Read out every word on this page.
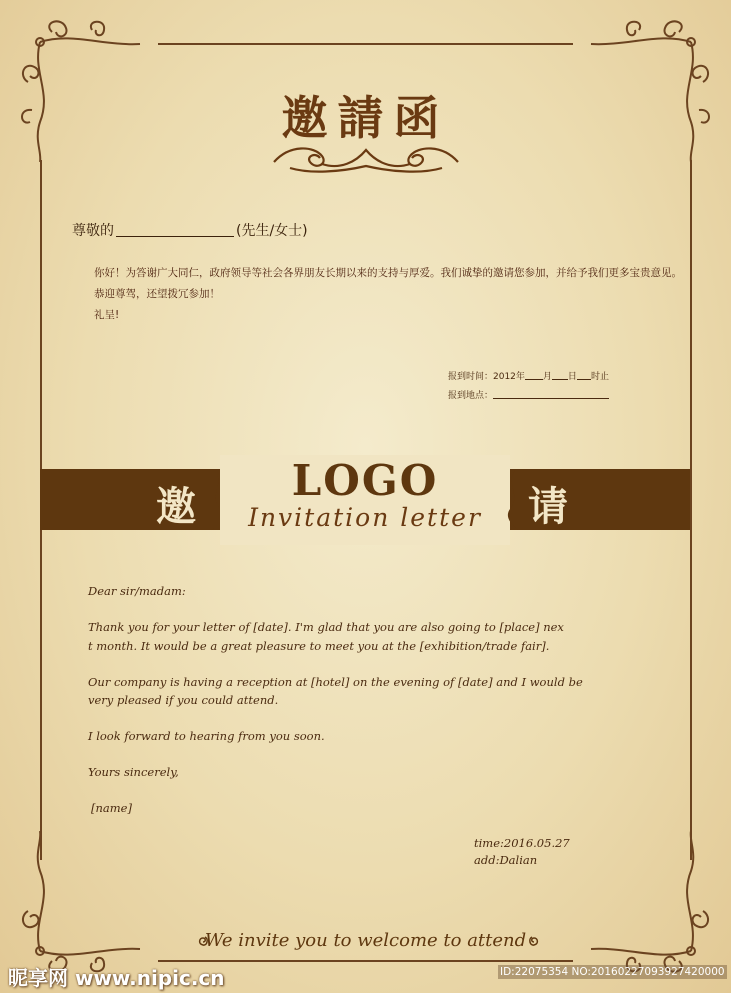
邀請函
尊敬的	(先生/女士)
你好！为答谢广大同仁，政府领导等社会各界朋友长期以来的支持与厚爱。我们诚挚的邀请您参加，并给予我们更多宝贵意见。
恭迎尊驾，还望拨冗参加！
礼呈!
报到时间：2012年 月 日 时止
报到地点：
邀	请
LOGO
Invitation letter
Dear sir/madam:
Thank you for your letter of [date]. I'm glad that you are also going to [place] nex
t month. It would be a great pleasure to meet you at the [exhibition/trade fair].
Our company is having a reception at [hotel] on the evening of [date] and I would be
very pleased if you could attend.
I look forward to hearing from you soon.
Yours sincerely,
[name]
time:2016.05.27
add:Dalian
We invite you to welcome to attend
昵享网 www.nipic.cn	ID:22075354 NO:20160227093927420000
